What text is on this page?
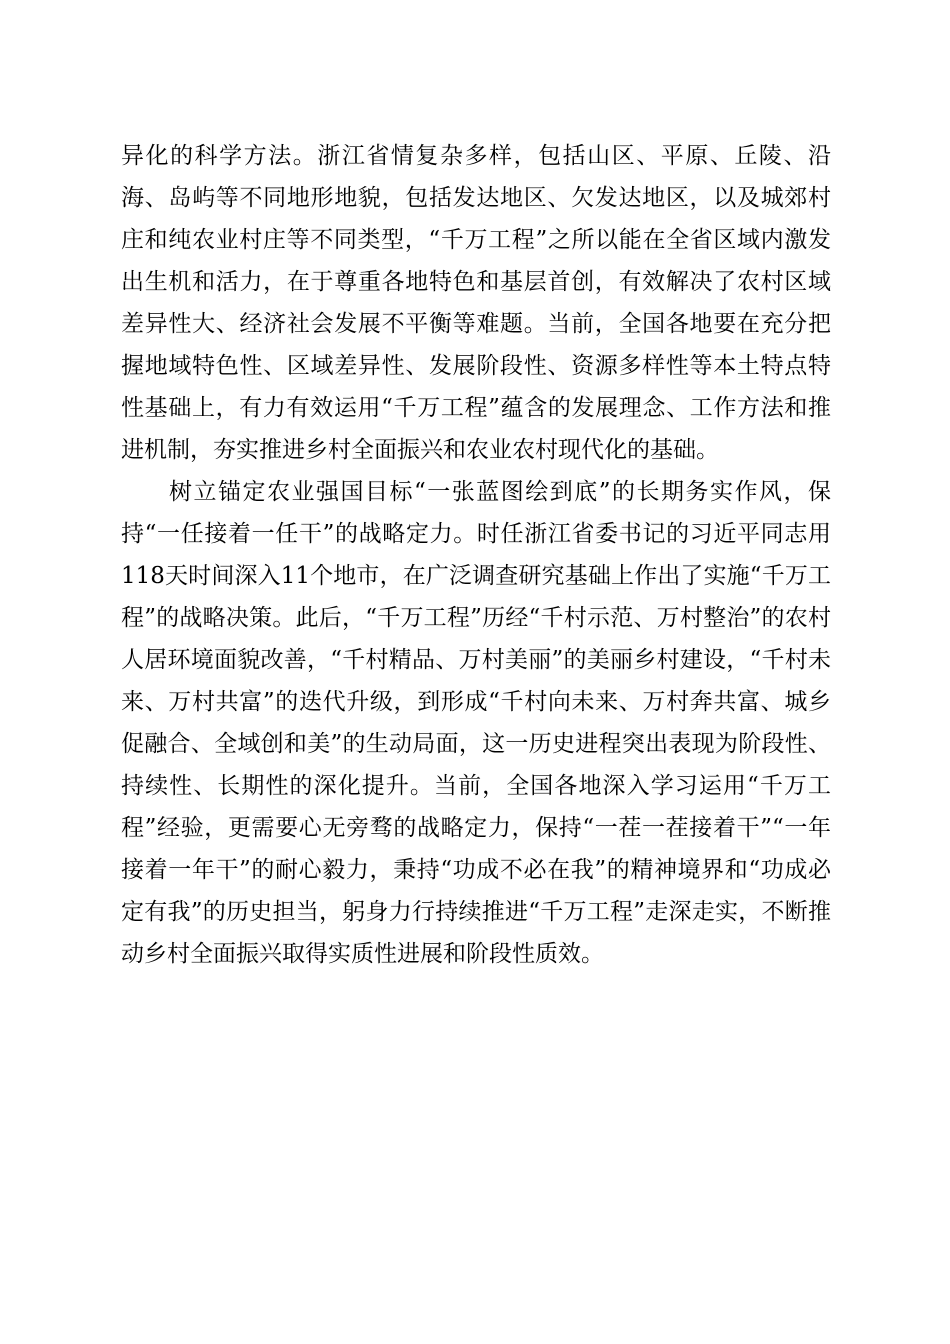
异化的科学方法。浙江省情复杂多样，包括山区、平原、丘陵、沿海、岛屿等不同地形地貌，包括发达地区、欠发达地区，以及城郊村庄和纯农业村庄等不同类型，“千万工程”之所以能在全省区域内激发出生机和活力，在于尊重各地特色和基层首创，有效解决了农村区域差异性大、经济社会发展不平衡等难题。当前，全国各地要在充分把握地域特色性、区域差异性、发展阶段性、资源多样性等本土特点特性基础上，有力有效运用“千万工程”蕴含的发展理念、工作方法和推进机制，夯实推进乡村全面振兴和农业农村现代化的基础。

树立锚定农业强国目标“一张蓝图绘到底”的长期务实作风，保持“一任接着一任干”的战略定力。时任浙江省委书记的习近平同志用118天时间深入11个地市，在广泛调查研究基础上作出了实施“千万工程”的战略决策。此后，“千万工程”历经“千村示范、万村整治”的农村人居环境面貌改善，“千村精品、万村美丽”的美丽乡村建设，“千村未来、万村共富”的迭代升级，到形成“千村向未来、万村奔共富、城乡促融合、全域创和美”的生动局面，这一历史进程突出表现为阶段性、持续性、长期性的深化提升。当前，全国各地深入学习运用“千万工程”经验，更需要心无旁骛的战略定力，保持“一茬一茬接着干”“一年接着一年干”的耐心毅力，秉持“功成不必在我”的精神境界和“功成必定有我”的历史担当，躬身力行持续推进“千万工程”走深走实，不断推动乡村全面振兴取得实质性进展和阶段性质效。
